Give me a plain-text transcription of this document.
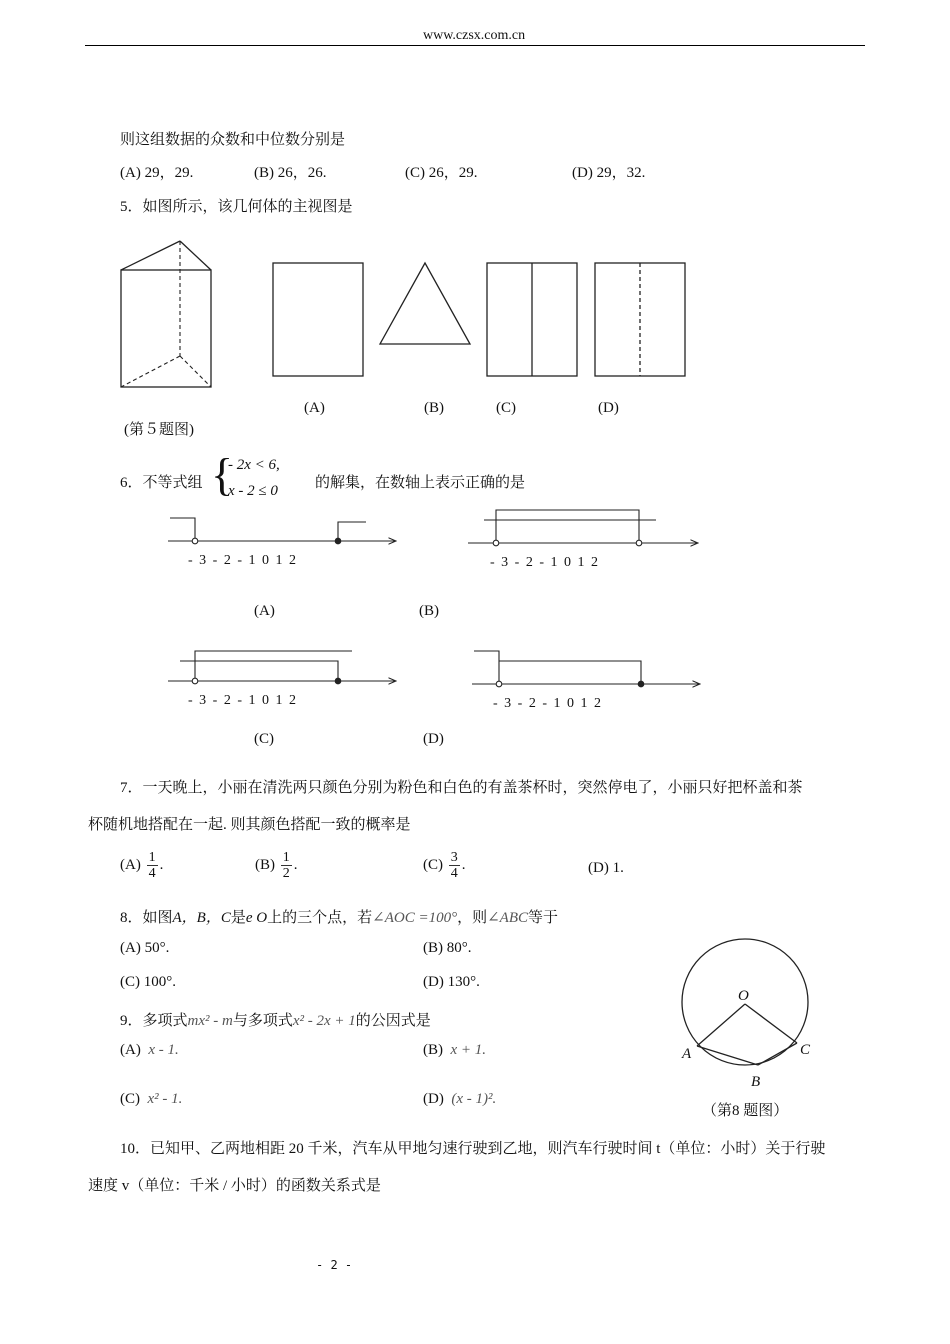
www.czsx.com.cn
则这组数据的众数和中位数分别是
(A) 29，29.	(B) 26，26.	(C) 26，29.	(D) 29，32.
5．如图所示，该几何体的主视图是
(A)	(B)	(C)	(D)
(第５题图)
6．不等式组 {
- 2x < 6,
x - 2 ≤ 0 的解集，在数轴上表示正确的是
- 3 - 2 - 1 0 1 2	- 3 - 2 - 1 0 1 2
- 3 - 2 - 1 0 1 2	- 3 - 2 - 1 0 1 2
(A)	(B)
(C)	(D)
7．一天晚上，小丽在清洗两只颜色分别为粉色和白色的有盖茶杯时，突然停电了，小丽只好把杯盖和茶
杯随机地搭配在一起. 则其颜色搭配一致的概率是
$(A) \frac{1}{4}$ .	$(B) \frac{1}{2}$ .	$(C) \frac{3}{4}$ .	(D) 1.
8．如图A，B，C是e O上的三个点，若∠AOC =100°，则∠ABC等于
(A) 50°.	(B) 80°.
(C) 100°.	(D) 130°.
O
A
B
C
（第8 题图）
9．多项式mx² - m与多项式x² - 2x + 1的公因式是
(A) x - 1.	(B) x + 1.
(C) x² - 1.	(D) (x - 1)².
10．已知甲、乙两地相距 20 千米，汽车从甲地匀速行驶到乙地，则汽车行驶时间 t（单位：小时）关于行驶
速度 v（单位：千米 / 小时）的函数关系式是
- 2 -
